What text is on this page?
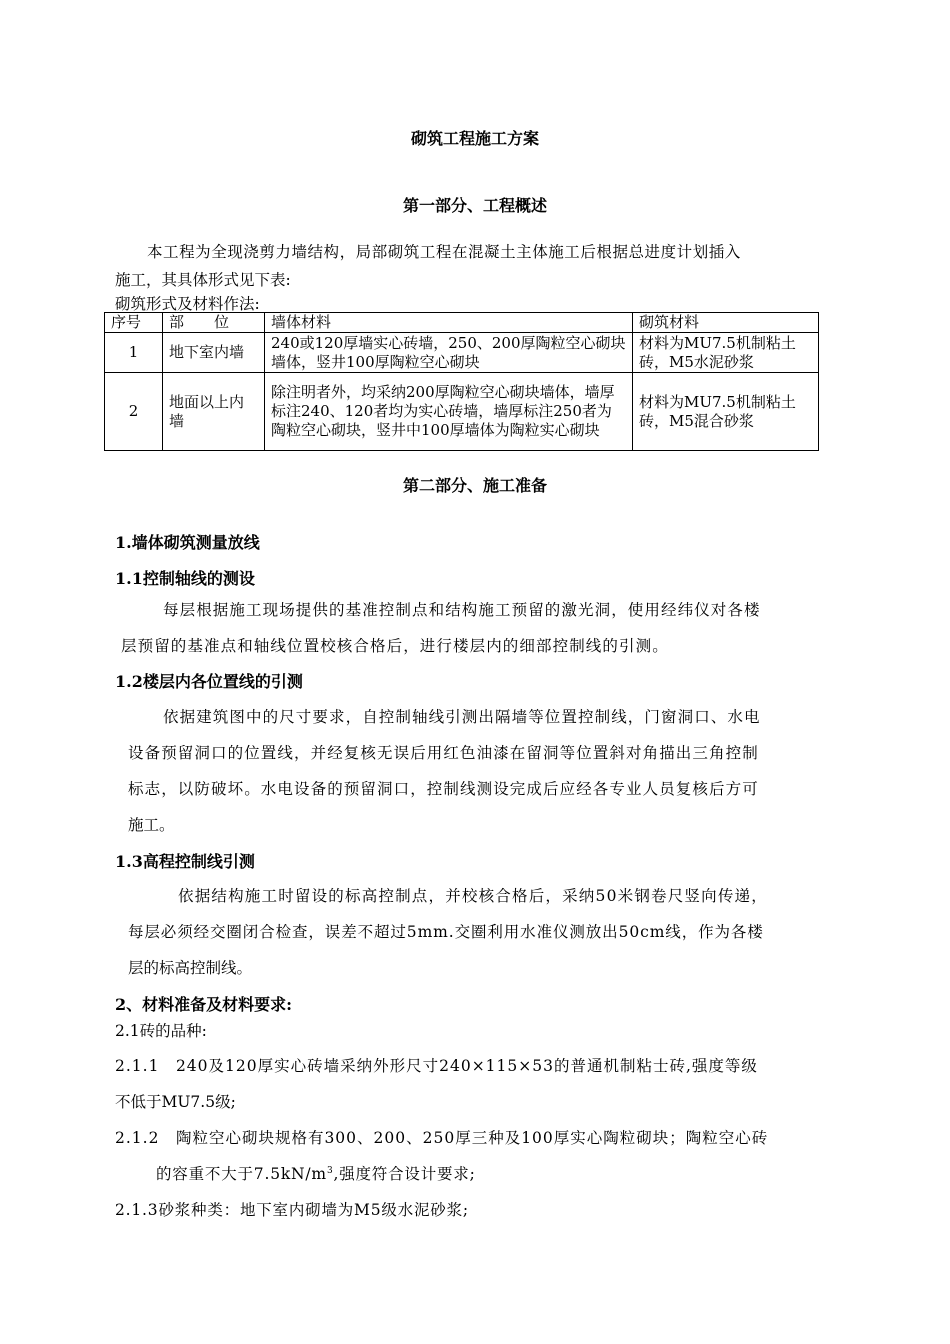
砌筑工程施工方案
第一部分、工程概述
本工程为全现浇剪力墙结构，局部砌筑工程在混凝土主体施工后根据总进度计划插入
施工，其具体形式见下表:
砌筑形式及材料作法:
序号	部　　位	墙体材料	砌筑材料
1	地下室内墙	240或120厚墙实心砖墙，250、200厚陶粒空心砌块墙体，竖井100厚陶粒空心砌块	材料为MU7.5机制粘土砖，M5水泥砂浆
2	地面以上内墙	除注明者外，均采纳200厚陶粒空心砌块墙体，墙厚标注240、120者均为实心砖墙，墙厚标注250者为陶粒空心砌块，竖井中100厚墙体为陶粒实心砌块	材料为MU7.5机制粘土砖，M5混合砂浆
第二部分、施工准备
1.墙体砌筑测量放线
1.1控制轴线的测设
每层根据施工现场提供的基准控制点和结构施工预留的激光洞，使用经纬仪对各楼
层预留的基准点和轴线位置校核合格后，进行楼层内的细部控制线的引测。
1.2楼层内各位置线的引测
依据建筑图中的尺寸要求，自控制轴线引测出隔墙等位置控制线，门窗洞口、水电
设备预留洞口的位置线，并经复核无误后用红色油漆在留洞等位置斜对角描出三角控制
标志，以防破坏。水电设备的预留洞口，控制线测设完成后应经各专业人员复核后方可
施工。
1.3高程控制线引测
依据结构施工时留设的标高控制点，并校核合格后，采纳50米钢卷尺竖向传递，
每层必须经交圈闭合检查，误差不超过5mm.交圈利用水准仪测放出50cm线，作为各楼
层的标高控制线。
2、材料准备及材料要求:
2.1砖的品种:
2.1.1　240及120厚实心砖墙采纳外形尺寸240×115×53的普通机制粘士砖,强度等级
不低于MU7.5级;
2.1.2　陶粒空心砌块规格有300、200、250厚三种及100厚实心陶粒砌块；陶粒空心砖
的容重不大于$7.5kN/m^3$,强度符合设计要求;
2.1.3砂浆种类：地下室内砌墙为M5级水泥砂浆;
